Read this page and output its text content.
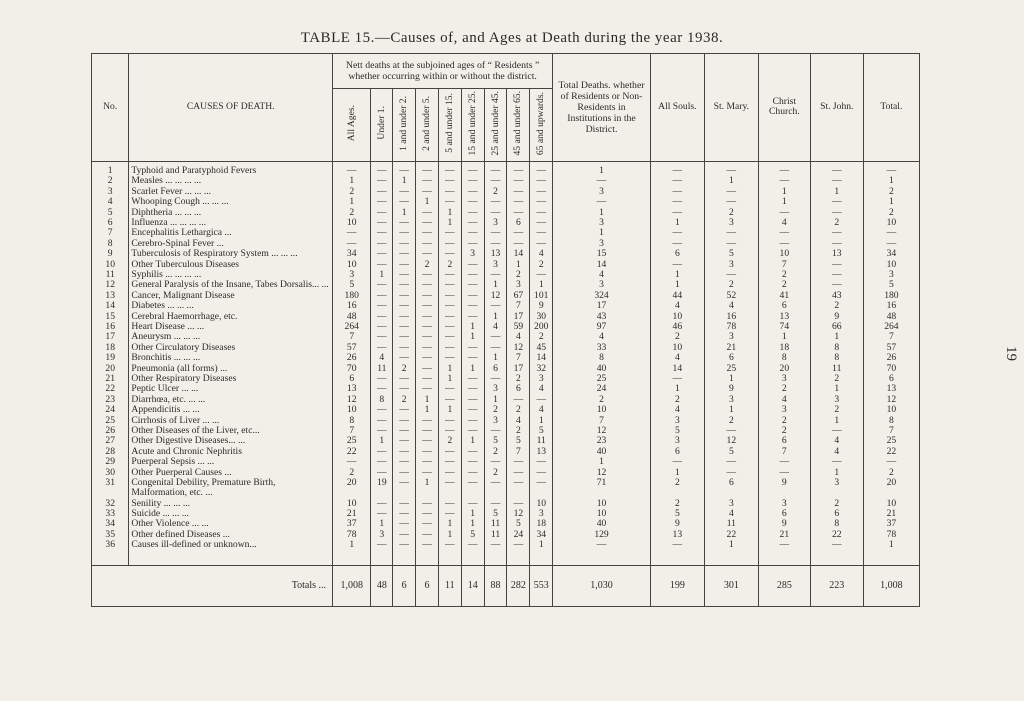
TABLE 15.—Causes of, and Ages at Death during the year 1938.
19
No.	CAUSES OF DEATH.	Nett deaths at the subjoined ages of “ Residents ” whether occurring within or without the district.									Total Deaths. whether of Residents or Non-Residents in Institutions in the District.	All Souls.	St. Mary.	Christ Church.	St. John.	Total.
		All Ages.	Under 1.	1 and under 2.	2 and under 5.	5 and under 15.	15 and under 25.	25 and under 45.	45 and under 65.	65 and upwards.						
1	Typhoid and Paratyphoid Fevers	—	—	—	—	—	—	—	—	—	1	—	—	—	—	—
2	Measles ... ... ... ...	1	—	1	—	—	—	—	—	—	—	—	1	—	—	1
3	Scarlet Fever ... ... ...	2	—	—	—	—	—	2	—	—	3	—	—	1	1	2
4	Whooping Cough ... ... ...	1	—	—	1	—	—	—	—	—	—	—	—	1	—	1
5	Diphtheria ... ... ...	2	—	1	—	1	—	—	—	—	1	—	2	—	—	2
6	Influenza ... ... ... ...	10	—	—	—	1	—	3	6	—	3	1	3	4	2	10
7	Encephalitis Lethargica ...	—	—	—	—	—	—	—	—	—	1	—	—	—	—	—
8	Cerebro-Spinal Fever ...	—	—	—	—	—	—	—	—	—	3	—	—	—	—	—
9	Tuberculosis of Respiratory System ... ... ...	34	—	—	—	—	3	13	14	4	15	6	5	10	13	34
10	Other Tuberculous Diseases	10	—	—	2	2	—	3	1	2	14	—	3	7	—	10
11	Syphilis ... ... ... ...	3	1	—	—	—	—	—	2	—	4	1	—	2	—	3
12	General Paralysis of the Insane, Tabes Dorsalis... ...	5	—	—	—	—	—	1	3	1	3	1	2	2	—	5
13	Cancer, Malignant Disease	180	—	—	—	—	—	12	67	101	324	44	52	41	43	180
14	Diabetes ... ... ...	16	—	—	—	—	—	—	7	9	17	4	4	6	2	16
15	Cerebral Haemorrhage, etc.	48	—	—	—	—	—	1	17	30	43	10	16	13	9	48
16	Heart Disease ... ...	264	—	—	—	—	1	4	59	200	97	46	78	74	66	264
17	Aneurysm ... ... ...	7	—	—	—	—	1	—	4	2	4	2	3	1	1	7
18	Other Circulatory Diseases	57	—	—	—	—	—	—	12	45	33	10	21	18	8	57
19	Bronchitis ... ... ...	26	4	—	—	—	—	1	7	14	8	4	6	8	8	26
20	Pneumonia (all forms) ...	70	11	2	—	1	1	6	17	32	40	14	25	20	11	70
21	Other Respiratory Diseases	6	—	—	—	1	—	—	2	3	25	—	1	3	2	6
22	Peptic Ulcer ... ...	13	—	—	—	—	—	3	6	4	24	1	9	2	1	13
23	Diarrhœa, etc. ... ...	12	8	2	1	—	—	1	—	—	2	2	3	4	3	12
24	Appendicitis ... ...	10	—	—	1	1	—	2	2	4	10	4	1	3	2	10
25	Cirrhosis of Liver ... ...	8	—	—	—	—	—	3	4	1	7	3	2	2	1	8
26	Other Diseases of the Liver, etc...	7	—	—	—	—	—	—	2	5	12	5	—	2	—	7
27	Other Digestive Diseases... ...	25	1	—	—	2	1	5	5	11	23	3	12	6	4	25
28	Acute and Chronic Nephritis	22	—	—	—	—	—	2	7	13	40	6	5	7	4	22
29	Puerperal Sepsis ... ...	—	—	—	—	—	—	—	—	—	1	—	—	—	—	—
30	Other Puerperal Causes ...	2	—	—	—	—	—	2	—	—	12	1	—	—	1	2
31	Congenital Debility, Premature Birth, Malformation, etc. ...	20	19	—	1	—	—	—	—	—	71	2	6	9	3	20
32	Senility ... ... ...	10	—	—	—	—	—	—	—	10	10	2	3	3	2	10
33	Suicide ... ... ...	21	—	—	—	—	1	5	12	3	10	5	4	6	6	21
34	Other Violence ... ...	37	1	—	—	1	1	11	5	18	40	9	11	9	8	37
35	Other defined Diseases ...	78	3	—	—	1	5	11	24	34	129	13	22	21	22	78
36	Causes ill-defined or unknown...	1	—	—	—	—	—	—	—	1	—	—	1	—	—	1

Totals ...		1,008	48	6	6	11	14	88	282	553	1,030	199	301	285	223	1,008
